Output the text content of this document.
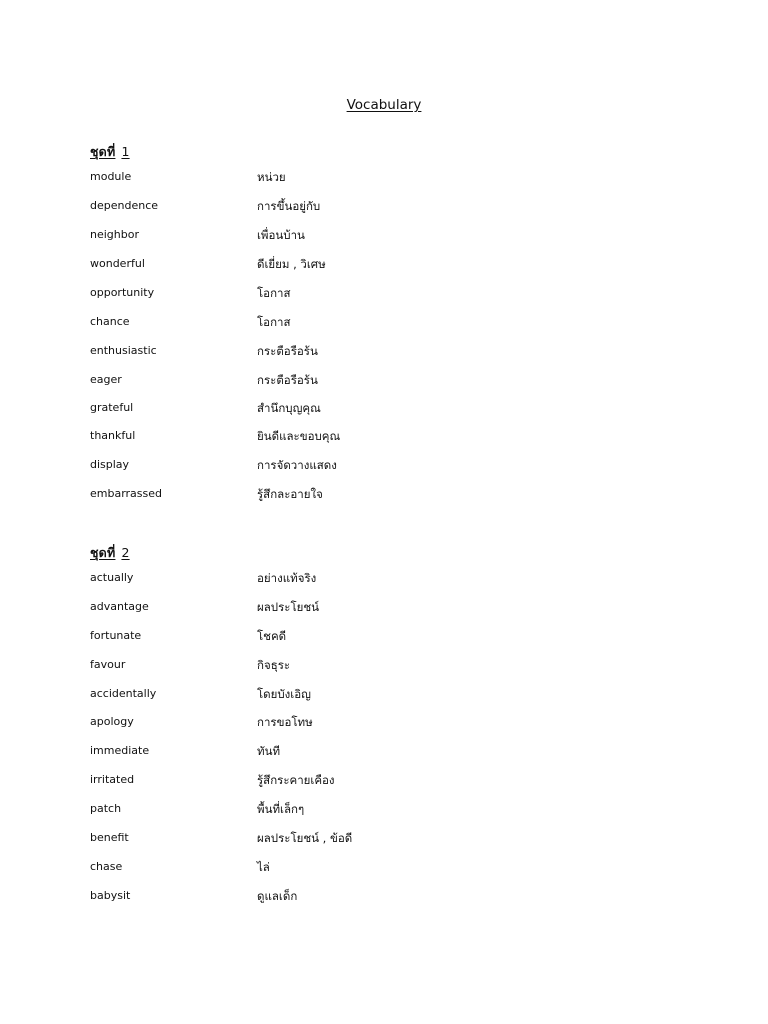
Vocabulary
ชุดที่ 1
module	หน่วย
dependence	การขึ้นอยู่กับ
neighbor	เพื่อนบ้าน
wonderful	ดีเยี่ยม , วิเศษ
opportunity	โอกาส
chance	โอกาส
enthusiastic	กระตือรือร้น
eager	กระตือรือร้น
grateful	สำนึกบุญคุณ
thankful	ยินดีและขอบคุณ
display	การจัดวางแสดง
embarrassed	รู้สึกละอายใจ
ชุดที่ 2
actually	อย่างแท้จริง
advantage	ผลประโยชน์
fortunate	โชคดี
favour	กิจธุระ
accidentally	โดยบังเอิญ
apology	การขอโทษ
immediate	ทันที
irritated	รู้สึกระคายเคือง
patch	พื้นที่เล็กๆ
benefit	ผลประโยชน์ , ข้อดี
chase	ไล่
babysit	ดูแลเด็ก
